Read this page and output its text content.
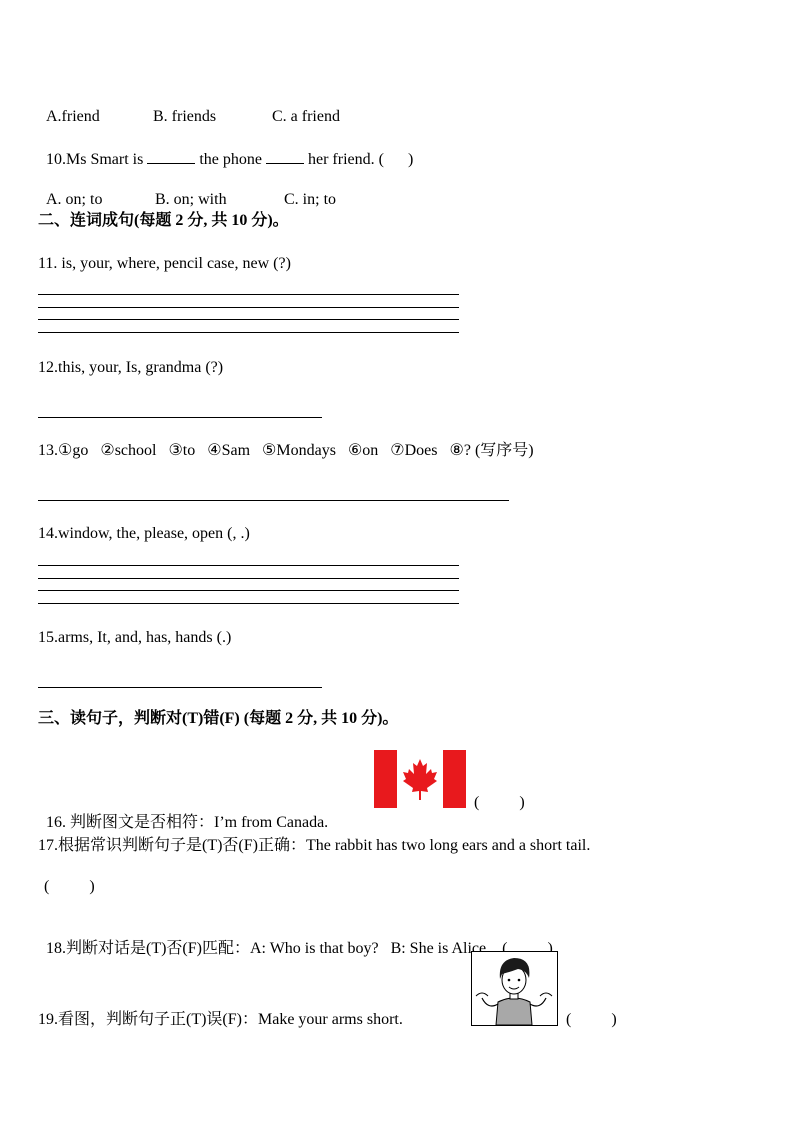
A.friend	B. friends	C. a friend

10.Ms Smart is	the phone	her friend. (      )

A. on; to	B. on; with	C. in; to

二、连词成句(每题 2 分, 共 10 分)。
11. is, your, where, pencil case, new (?)
12.this, your, Is, grandma (?)
13.①go   ②school   ③to   ④Sam   ⑤Mondays   ⑥on   ⑦Does   ⑧? (写序号)
14.window, the, please, open (, .)
15.arms, It, and, has, hands (.)
三、读句子，判断对(T)错(F) (每题 2 分, 共 10 分)。

16. 判断图文是否相符：I’m from Canada.

(          )
17.根据常识判断句子是(T)否(F)正确：The rabbit has two long ears and a short tail.
(          )

18.判断对话是(T)否(F)匹配：A: Who is that boy?   B: She is Alice. (          )

19.看图，判断句子正(T)误(F)：Make your arms short.	(          )
